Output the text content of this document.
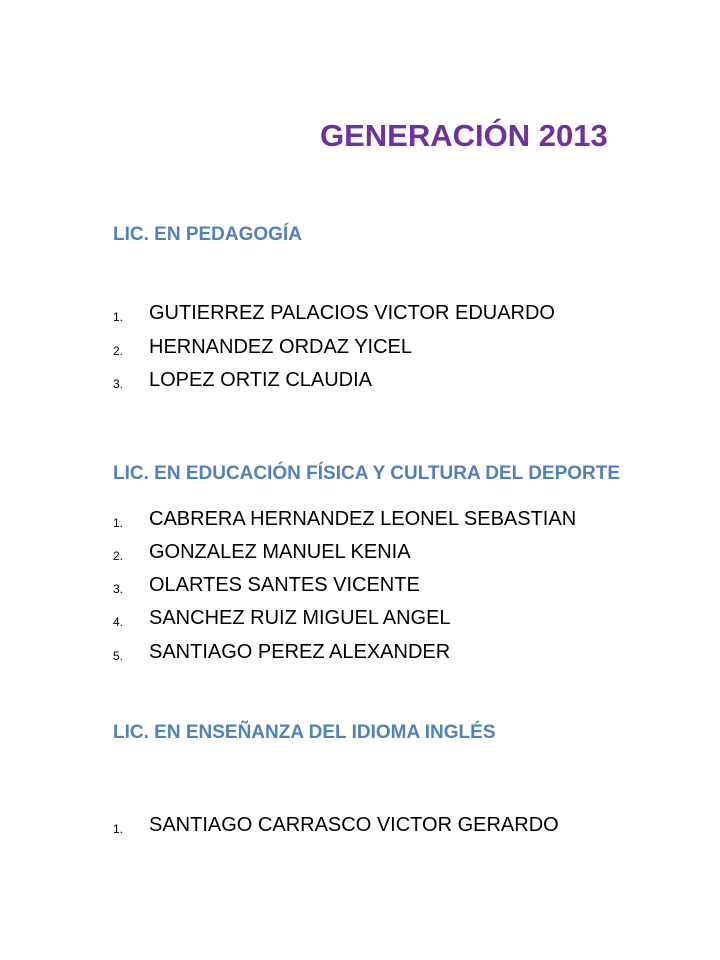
GENERACIÓN 2013
LIC. EN PEDAGOGÍA
1. GUTIERREZ PALACIOS VICTOR EDUARDO
2. HERNANDEZ ORDAZ YICEL
3. LOPEZ ORTIZ CLAUDIA
LIC. EN EDUCACIÓN FÍSICA Y CULTURA DEL DEPORTE
1. CABRERA HERNANDEZ LEONEL SEBASTIAN
2. GONZALEZ MANUEL KENIA
3. OLARTES SANTES VICENTE
4. SANCHEZ RUIZ MIGUEL ANGEL
5. SANTIAGO PEREZ ALEXANDER
LIC. EN ENSEÑANZA DEL IDIOMA INGLÉS
1. SANTIAGO CARRASCO VICTOR GERARDO
